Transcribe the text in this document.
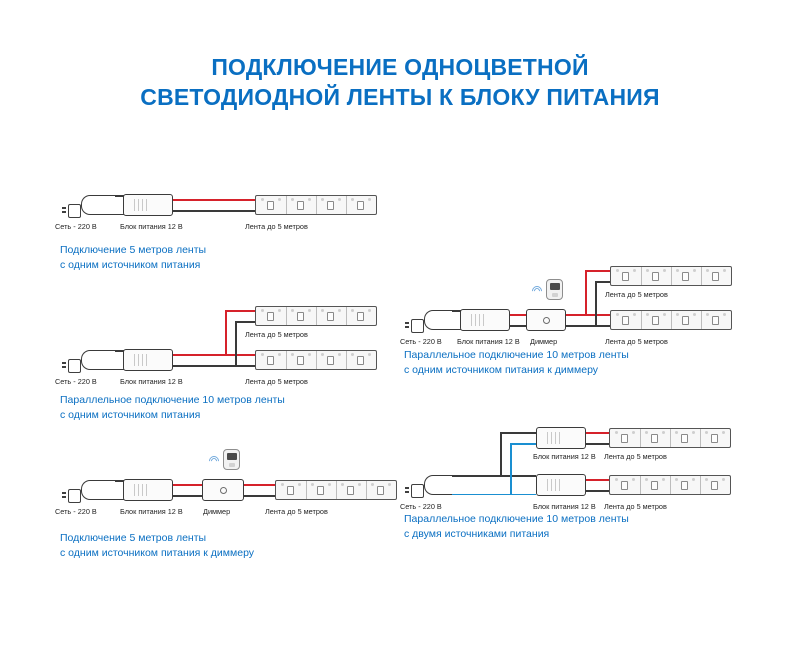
ПОДКЛЮЧЕНИЕ ОДНОЦВЕТНОЙ
СВЕТОДИОДНОЙ ЛЕНТЫ К БЛОКУ ПИТАНИЯ
Сеть - 220 В	Блок питания 12 В	Лента до 5 метров
Подключение 5 метров ленты
с одним источником питания
Лента до 5 метров
Сеть - 220 В	Блок питания 12 В	Лента до 5 метров
Параллельное подключение 10 метров ленты
с одним источником питания
Сеть - 220 В	Блок питания 12 В	Диммер	Лента до 5 метров
Подключение 5 метров ленты
с одним источником питания к диммеру
Лента до 5 метров
Сеть - 220 В Блок питания 12 В Диммер	Лента до 5 метров
Параллельное подключение 10 метров ленты
с одним источником питания к диммеру
Блок питания 12 В Лента до 5 метров
Сеть - 220 В	Блок питания 12 В Лента до 5 метров
Параллельное подключение 10 метров ленты
с двумя источниками питания
